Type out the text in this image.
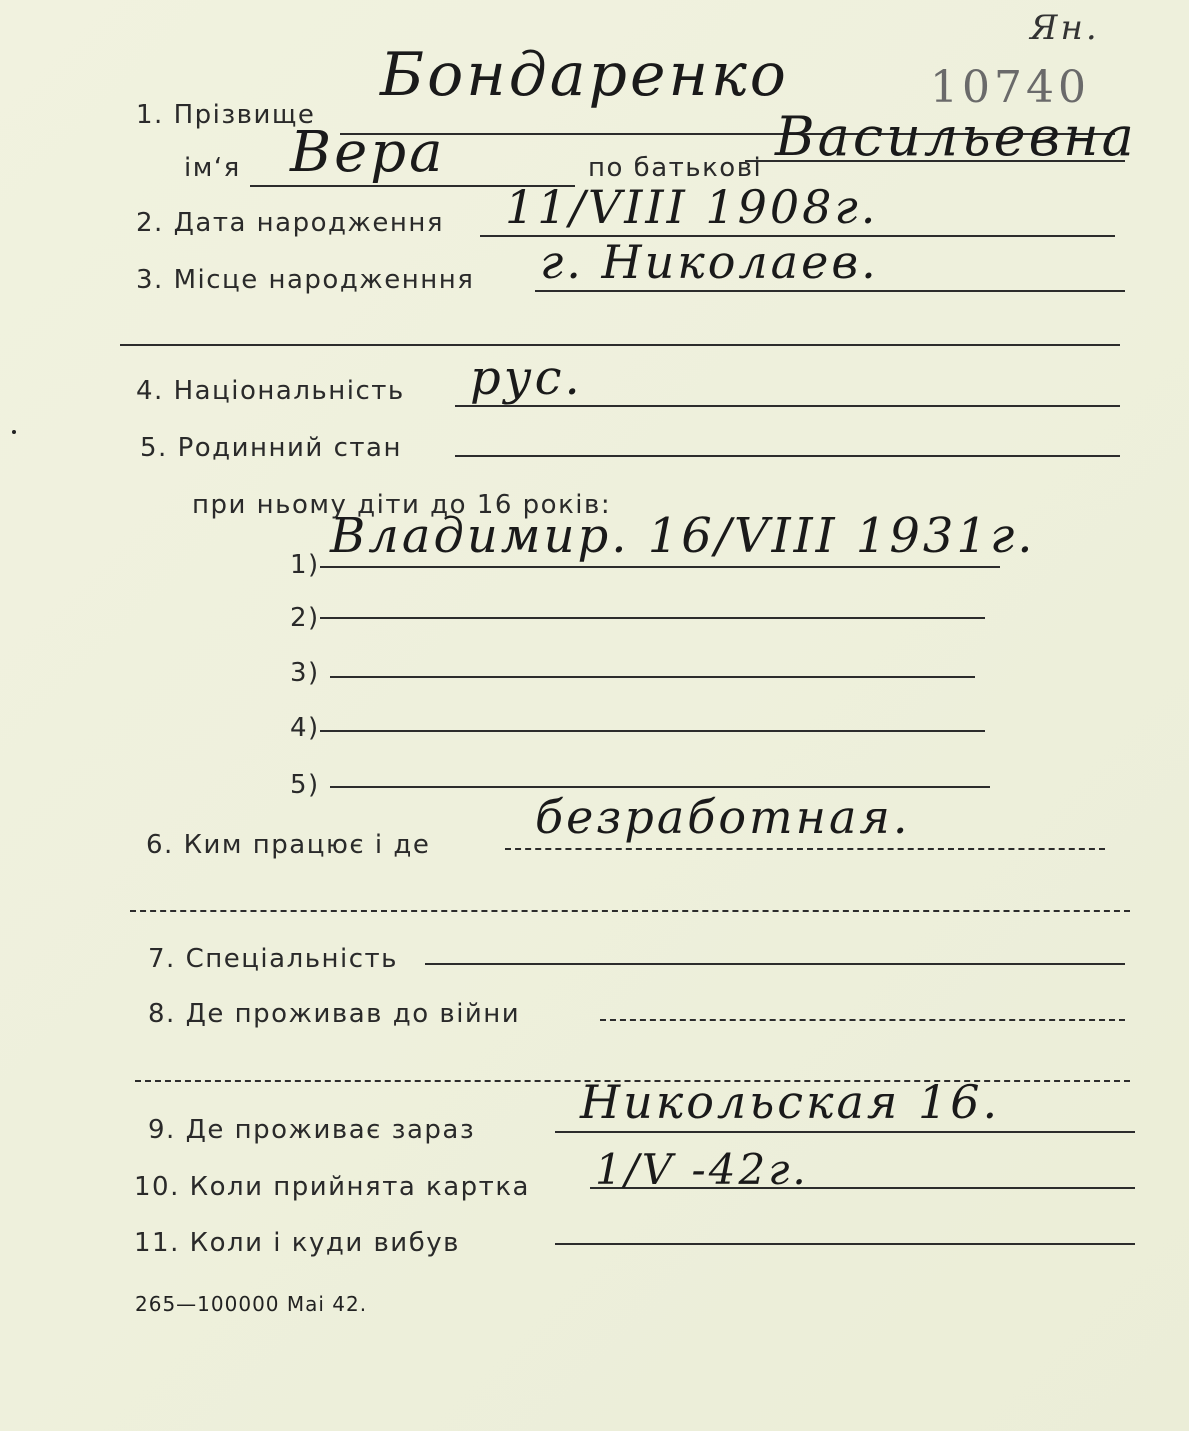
Ян.
10740
1. Прізвище
Бондаренко
ім‘я Вера	по батькові Васильевна
2. Дата народження 11/VIII 1908г.
3. Місце народженння г. Николаев.
4. Національність рус.
5. Родинний стан
при ньому діти до 16 років:
1)
Владимир. 16/VIII 1931г.
2)
3)
4)
5)
6. Ким працює і де
безработная.
7. Спеціальність
8. Де проживав до війни
9. Де проживає зараз
Никольская 16.
10. Коли прийнята картка 1/V -42г.
11. Коли і куди вибув
265—100000 Mai 42.
